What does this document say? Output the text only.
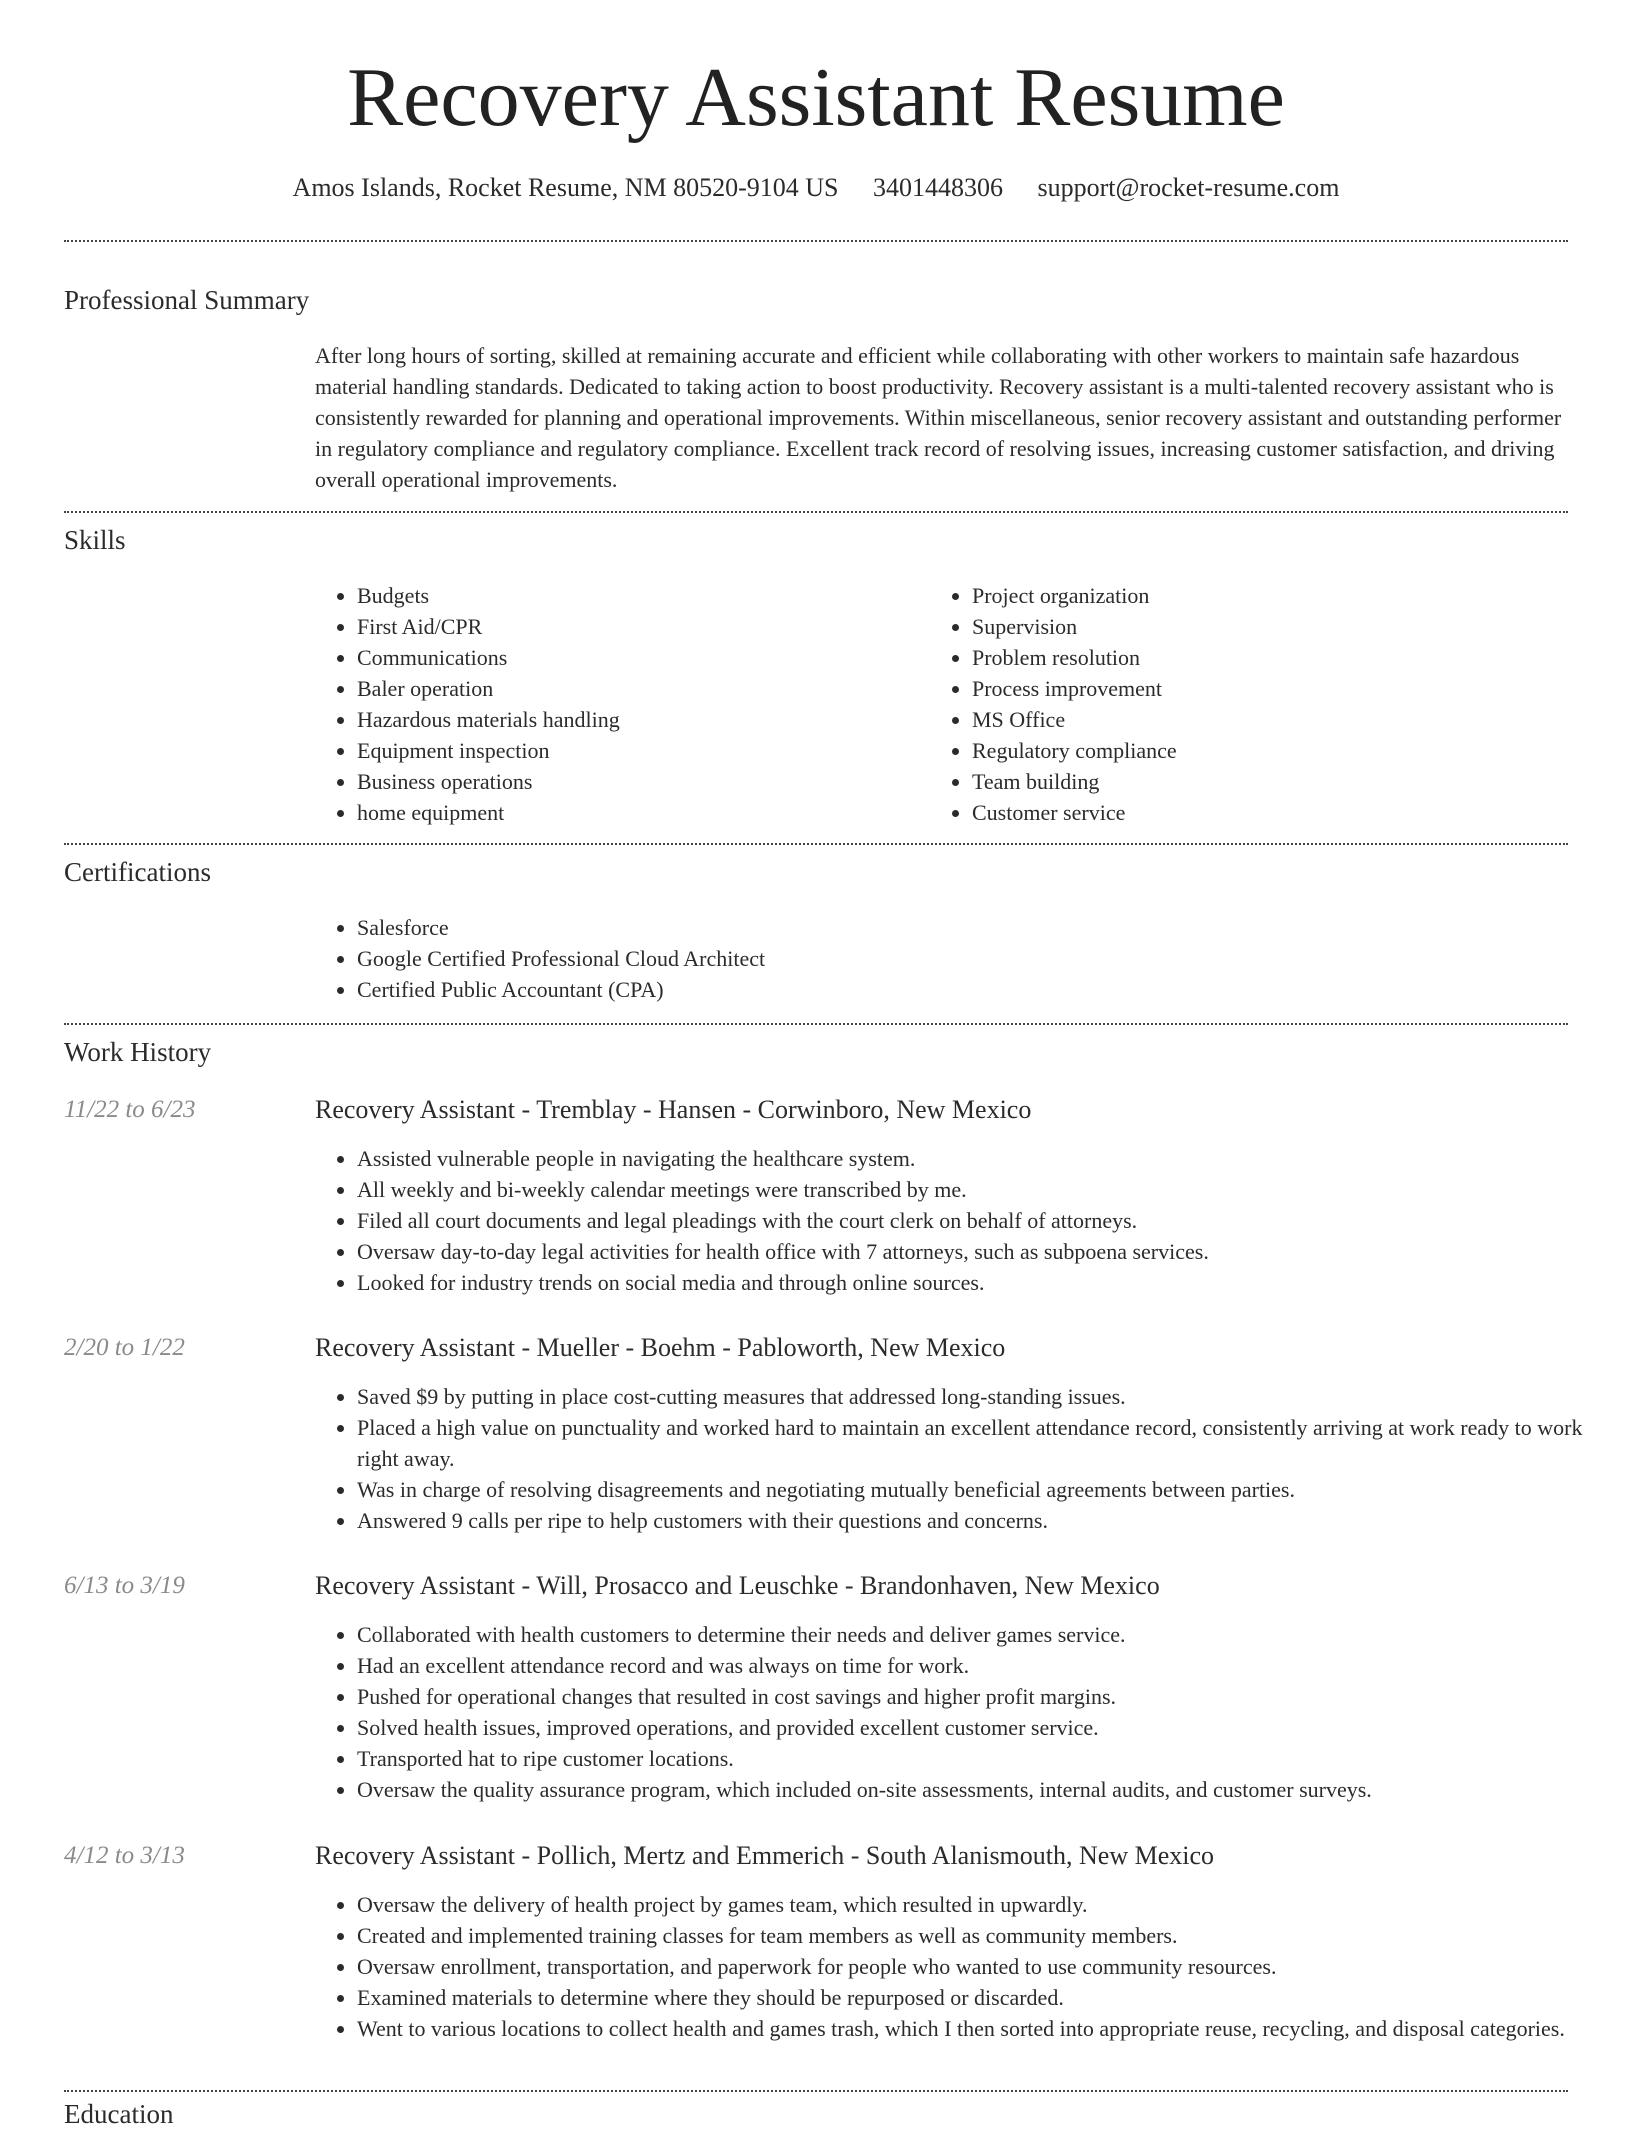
Recovery Assistant Resume
Amos Islands, Rocket Resume, NM 80520-9104 US 3401448306 support@rocket-resume.com
Professional Summary

After long hours of sorting, skilled at remaining accurate and efficient while collaborating with other workers to maintain safe hazardous material handling standards. Dedicated to taking action to boost productivity. Recovery assistant is a multi-talented recovery assistant who is consistently rewarded for planning and operational improvements. Within miscellaneous, senior recovery assistant and outstanding performer in regulatory compliance and regulatory compliance. Excellent track record of resolving issues, increasing customer satisfaction, and driving overall operational improvements.

Skills
• Budgets
• First Aid/CPR
• Communications
• Baler operation
• Hazardous materials handling
• Equipment inspection
• Business operations
• home equipment
• Project organization
• Supervision
• Problem resolution
• Process improvement
• MS Office
• Regulatory compliance
• Team building
• Customer service
Certifications
• Salesforce
• Google Certified Professional Cloud Architect
• Certified Public Accountant (CPA)
Work History
11/22 to 6/23	Recovery Assistant - Tremblay - Hansen - Corwinboro, New Mexico
• Assisted vulnerable people in navigating the healthcare system.
• All weekly and bi-weekly calendar meetings were transcribed by me.
• Filed all court documents and legal pleadings with the court clerk on behalf of attorneys.
• Oversaw day-to-day legal activities for health office with 7 attorneys, such as subpoena services.
• Looked for industry trends on social media and through online sources.
2/20 to 1/22	Recovery Assistant - Mueller - Boehm - Pabloworth, New Mexico
• Saved $9 by putting in place cost-cutting measures that addressed long-standing issues.
• Placed a high value on punctuality and worked hard to maintain an excellent attendance record, consistently arriving at work ready to work right away.
• Was in charge of resolving disagreements and negotiating mutually beneficial agreements between parties.
• Answered 9 calls per ripe to help customers with their questions and concerns.
6/13 to 3/19	Recovery Assistant - Will, Prosacco and Leuschke - Brandonhaven, New Mexico
• Collaborated with health customers to determine their needs and deliver games service.
• Had an excellent attendance record and was always on time for work.
• Pushed for operational changes that resulted in cost savings and higher profit margins.
• Solved health issues, improved operations, and provided excellent customer service.
• Transported hat to ripe customer locations.
• Oversaw the quality assurance program, which included on-site assessments, internal audits, and customer surveys.
4/12 to 3/13	Recovery Assistant - Pollich, Mertz and Emmerich - South Alanismouth, New Mexico
• Oversaw the delivery of health project by games team, which resulted in upwardly.
• Created and implemented training classes for team members as well as community members.
• Oversaw enrollment, transportation, and paperwork for people who wanted to use community resources.
• Examined materials to determine where they should be repurposed or discarded.
• Went to various locations to collect health and games trash, which I then sorted into appropriate reuse, recycling, and disposal categories.
Education
